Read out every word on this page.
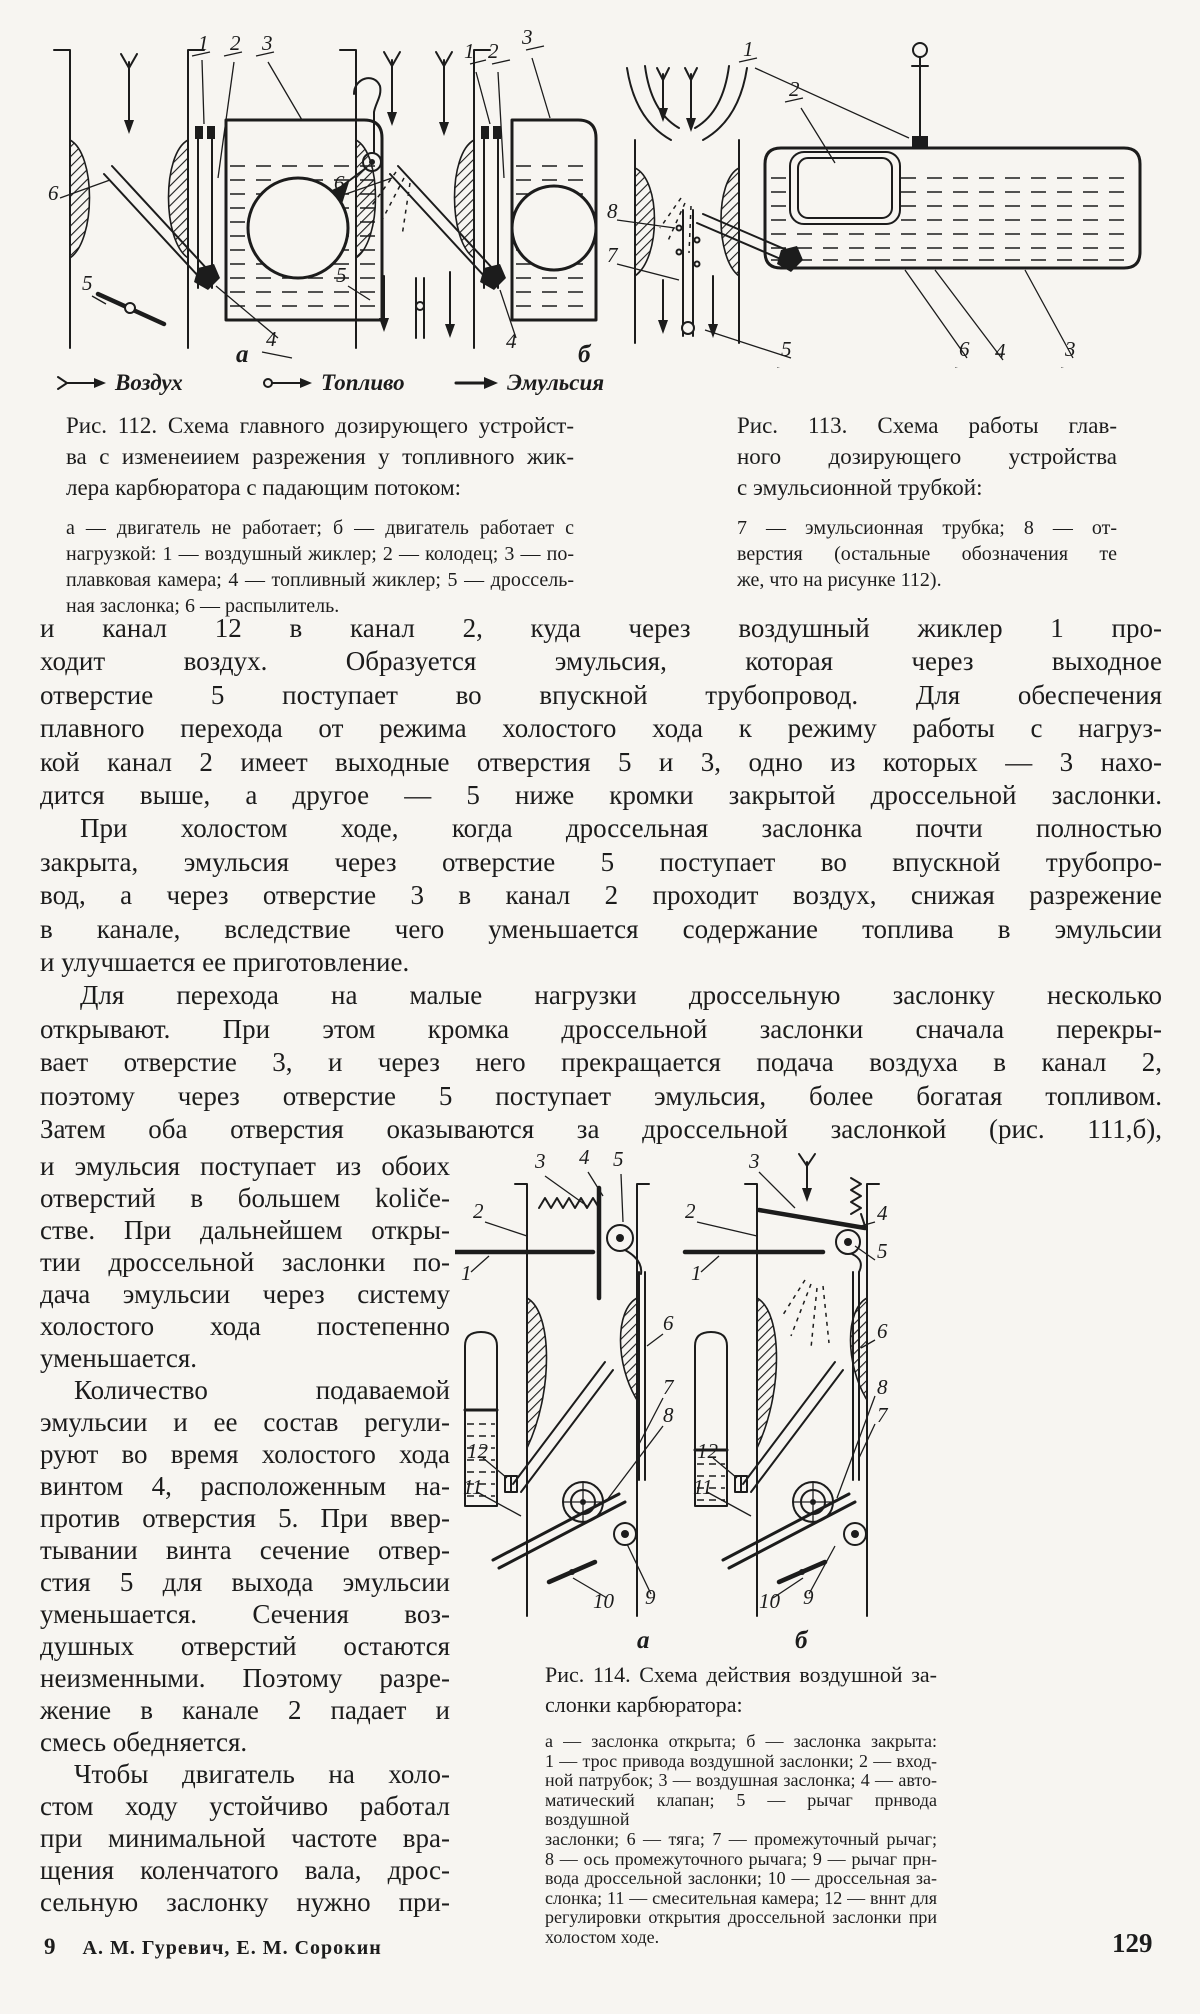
1 2 3
4
5
6
а
1 2
3
4
5
6
б
1
2
3
4
5	6
7
8
Воздух	Топливо	Эмульсия
Рис. 112. Схема главного дозирующего устройст-
ва с изменеиием разрежения у топливного жик-
лера карбюратора с падающим потоком:
а — двигатель не работает; б — двигатель работает с
нагрузкой: 1 — воздушный жиклер; 2 — колодец; 3 — по-
плавковая камера; 4 — топливный жиклер; 5 — дроссель-
ная заслонка; 6 — распылитель.
Рис. 113. Схема работы глав-
ного дозирующего устройства
с эмульсионной трубкой:
7 — эмульсионная трубка; 8 — от-
верстия (остальные обозначения те
же, что на рисунке 112).
и канал 12 в канал 2, куда через воздушный жиклер 1 про-
ходит воздух. Образуется эмульсия, которая через выходное
отверстие 5 поступает во впускной трубопровод. Для обеспечения
плавного перехода от режима холостого хода к режиму работы с нагруз-
кой канал 2 имеет выходные отверстия 5 и 3, одно из которых — 3 нахо-
дится выше, а другое — 5 ниже кромки закрытой дроссельной заслонки.
При холостом ходе, когда дроссельная заслонка почти полностью
закрыта, эмульсия через отверстие 5 поступает во впускной трубопро-
вод, а через отверстие 3 в канал 2 проходит воздух, снижая разрежение
в канале, вследствие чего уменьшается содержание топлива в эмульсии
и улучшается ее приготовление.
Для перехода на малые нагрузки дроссельную заслонку несколько
открывают. При этом кромка дроссельной заслонки сначала перекры-
вает отверстие 3, и через него прекращается подача воздуха в канал 2,
поэтому через отверстие 5 поступает эмульсия, более богатая топливом.
Затем оба отверстия оказываются за дроссельной заслонкой (рис. 111,б),
и эмульсия поступает из обоих
отверстий в большем količе-
стве. При дальнейшем откры-
тии дроссельной заслонки по-
дача эмульсии через систему
холостого хода постепенно
уменьшается.
Количество подаваемой
эмульсии и ее состав регули-
руют во время холостого хода
винтом 4, расположенным на-
против отверстия 5. При ввер-
тывании винта сечение отвер-
стия 5 для выхода эмульсии
уменьшается. Сечения воз-
душных отверстий остаются
неизменными. Поэтому разре-
жение в канале 2 падает и
смесь обедняется.
Чтобы двигатель на холо-
стом ходу устойчиво работал
при минимальной частоте вра-
щения коленчатого вала, дрос-
сельную заслонку нужно при-
1
2
3 4 5
6
7
8
9
10
11
12
а
1
2
3
4
5
6
7
8
9
10
11
12
б
Рис. 114. Схема действия воздушной за-
слонки карбюратора:
а — заслонка открыта; б — заслонка закрыта:
1 — трос привода воздушной заслонки; 2 — вход-
ной патрубок; 3 — воздушная заслонка; 4 — авто-
матический клапан; 5 — рычаг прнвода воздушной
заслонки; 6 — тяга; 7 — промежуточный рычаг;
8 — ось промежуточного рычага; 9 — рычаг прн-
вода дроссельной заслонки; 10 — дроссельная за-
слонка; 11 — смесительная камера; 12 — вннт для
регулировки открытия дроссельной заслонки при
холостом ходе.
9 А. М. Гуревич, Е. М. Сорокин	129
